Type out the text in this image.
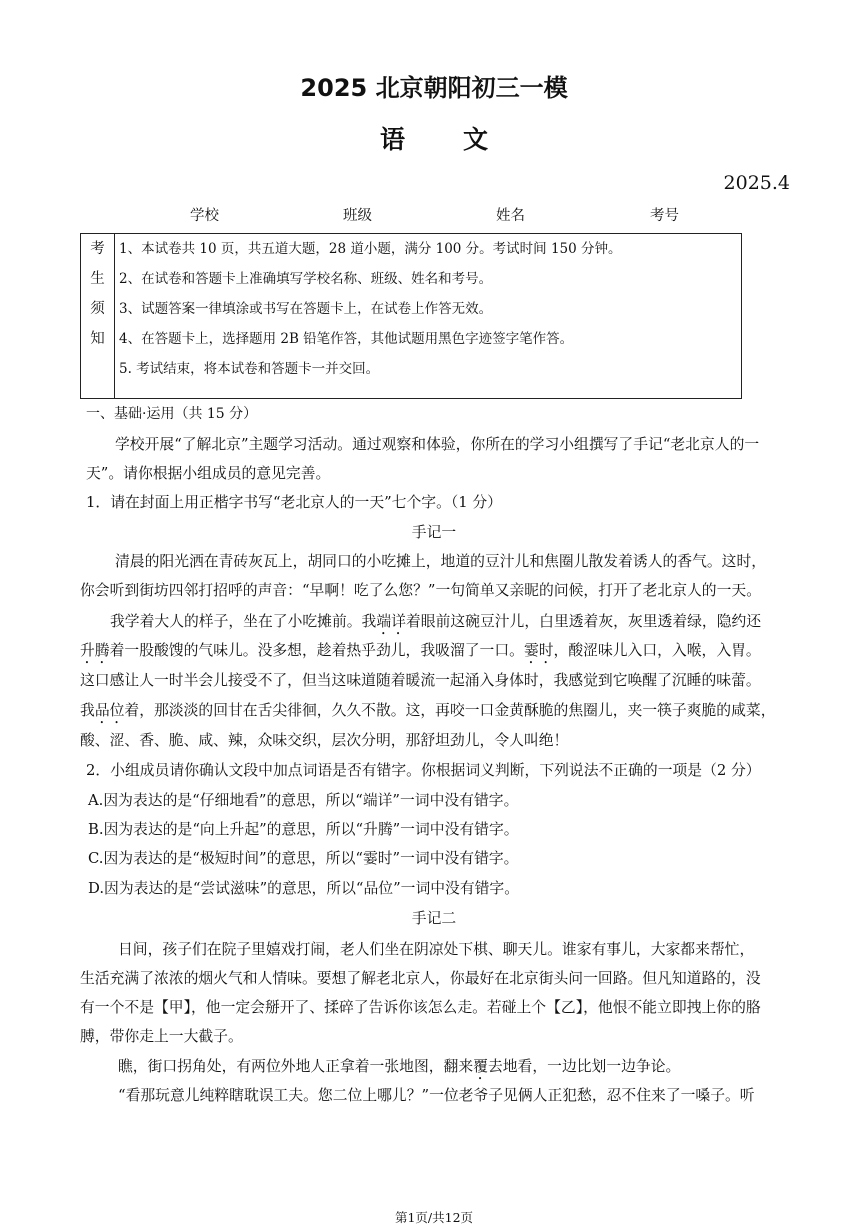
2025 北京朝阳初三一模
语文
2025.4
学校	班级	姓名	考号
考
生
须
知
1、本试卷共 10 页，共五道大题，28 道小题，满分 100 分。考试时间 150 分钟。
2、在试卷和答题卡上准确填写学校名称、班级、姓名和考号。
3、试题答案一律填涂或书写在答题卡上，在试卷上作答无效。
4、在答题卡上，选择题用 2B 铅笔作答，其他试题用黑色字迹签字笔作答。
5. 考试结束，将本试卷和答题卡一并交回。
一、基础·运用（共 15 分）
学校开展“了解北京”主题学习活动。通过观察和体验，你所在的学习小组撰写了手记“老北京人的一
天”。请你根据小组成员的意见完善。
1．请在封面上用正楷字书写“老北京人的一天”七个字。（1 分）
手记一
清晨的阳光洒在青砖灰瓦上，胡同口的小吃摊上，地道的豆汁儿和焦圈儿散发着诱人的香气。这时，
你会听到街坊四邻打招呼的声音：“早啊！吃了么您？”一句简单又亲昵的问候，打开了老北京人的一天。
我学着大人的样子，坐在了小吃摊前。我端详着眼前这碗豆汁儿，白里透着灰，灰里透着绿，隐约还
升腾着一股酸馊的气味儿。没多想，趁着热乎劲儿，我吸溜了一口。霎时，酸涩味儿入口，入喉，入胃。
这口感让人一时半会儿接受不了，但当这味道随着暖流一起涌入身体时，我感觉到它唤醒了沉睡的味蕾。
我品位着，那淡淡的回甘在舌尖徘徊，久久不散。这，再咬一口金黄酥脆的焦圈儿，夹一筷子爽脆的咸菜，
酸、涩、香、脆、咸、辣，众味交织，层次分明，那舒坦劲儿，令人叫绝！
2．小组成员请你确认文段中加点词语是否有错字。你根据词义判断，下列说法不正确的一项是（2 分）
A.因为表达的是“仔细地看”的意思，所以“端详”一词中没有错字。
B.因为表达的是“向上升起”的意思，所以“升腾”一词中没有错字。
C.因为表达的是“极短时间”的意思，所以“霎时”一词中没有错字。
D.因为表达的是“尝试滋味”的意思，所以“品位”一词中没有错字。
手记二
日间，孩子们在院子里嬉戏打闹，老人们坐在阴凉处下棋、聊天儿。谁家有事儿，大家都来帮忙，
生活充满了浓浓的烟火气和人情味。要想了解老北京人，你最好在北京街头问一回路。但凡知道路的，没
有一个不是【甲】，他一定会掰开了、揉碎了告诉你该怎么走。若碰上个【乙】，他恨不能立即拽上你的胳
膊，带你走上一大截子。
瞧，街口拐角处，有两位外地人正拿着一张地图，翻来覆去地看，一边比划一边争论。
“看那玩意儿纯粹瞎耽误工夫。您二位上哪儿？”一位老爷子见俩人正犯愁，忍不住来了一嗓子。听
第1页/共12页
